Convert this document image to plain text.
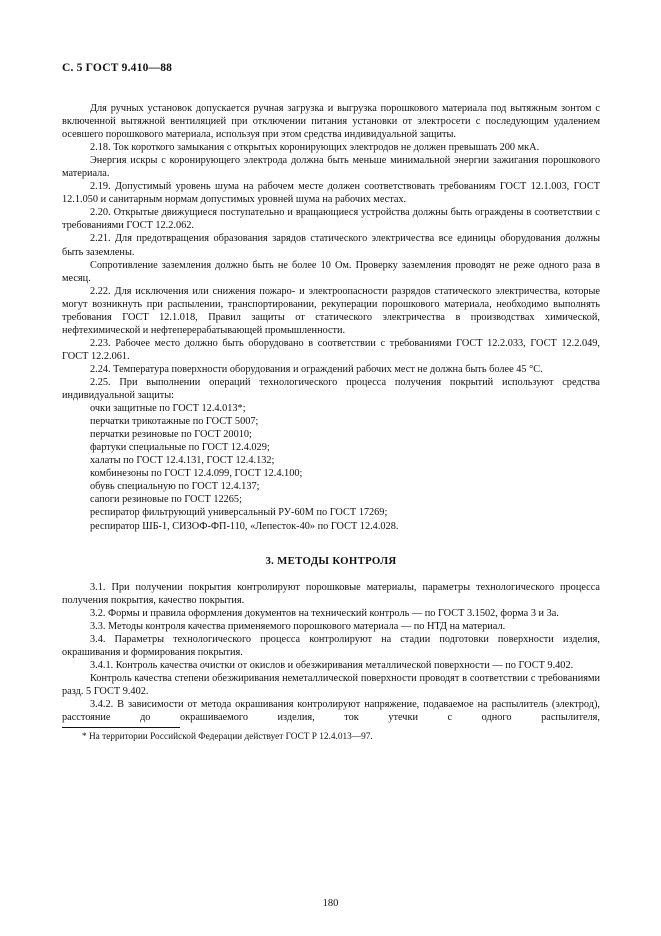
С. 5 ГОСТ 9.410—88

Для ручных установок допускается ручная загрузка и выгрузка порошкового материала под вытяжным зонтом с включенной вытяжной вентиляцией при отключении питания установки от электросети с последующим удалением осевшего порошкового материала, используя при этом средства индивидуальной защиты.

2.18. Ток короткого замыкания с открытых коронирующих электродов не должен превышать 200 мкА.

Энергия искры с коронирующего электрода должна быть меньше минимальной энергии зажигания порошкового материала.

2.19. Допустимый уровень шума на рабочем месте должен соответствовать требованиям ГОСТ 12.1.003, ГОСТ 12.1.050 и санитарным нормам допустимых уровней шума на рабочих местах.

2.20. Открытые движущиеся поступательно и вращающиеся устройства должны быть ограждены в соответствии с требованиями ГОСТ 12.2.062.

2.21. Для предотвращения образования зарядов статического электричества все единицы оборудования должны быть заземлены.

Сопротивление заземления должно быть не более 10 Ом. Проверку заземления проводят не реже одного раза в месяц.

2.22. Для исключения или снижения пожаро- и электроопасности разрядов статического электричества, которые могут возникнуть при распылении, транспортировании, рекуперации порошкового материала, необходимо выполнять требования ГОСТ 12.1.018, Правил защиты от статического электричества в производствах химической, нефтехимической и нефтеперерабатывающей промышленности.

2.23. Рабочее место должно быть оборудовано в соответствии с требованиями ГОСТ 12.2.033, ГОСТ 12.2.049, ГОСТ 12.2.061.

2.24. Температура поверхности оборудования и ограждений рабочих мест не должна быть более 45 °С.

2.25. При выполнении операций технологического процесса получения покрытий используют средства индивидуальной защиты:

очки защитные по ГОСТ 12.4.013*;

перчатки трикотажные по ГОСТ 5007;

перчатки резиновые по ГОСТ 20010;

фартуки специальные по ГОСТ 12.4.029;

халаты по ГОСТ 12.4.131, ГОСТ 12.4.132;

комбинезоны по ГОСТ 12.4.099, ГОСТ 12.4.100;

обувь специальную по ГОСТ 12.4.137;

сапоги резиновые по ГОСТ 12265;

респиратор фильтрующий универсальный РУ-60М по ГОСТ 17269;

респиратор ШБ-1, СИЗОФ-ФП-110, «Лепесток-40» по ГОСТ 12.4.028.

3. МЕТОДЫ КОНТРОЛЯ

3.1. При получении покрытия контролируют порошковые материалы, параметры технологического процесса получения покрытия, качество покрытия.

3.2. Формы и правила оформления документов на технический контроль — по ГОСТ 3.1502, форма 3 и 3а.

3.3. Методы контроля качества применяемого порошкового материала — по НТД на материал.

3.4. Параметры технологического процесса контролируют на стадии подготовки поверхности изделия, окрашивания и формирования покрытия.

3.4.1. Контроль качества очистки от окислов и обезжиривания металлической поверхности — по ГОСТ 9.402.

Контроль качества степени обезжиривания неметаллической поверхности проводят в соответствии с требованиями разд. 5 ГОСТ 9.402.

3.4.2. В зависимости от метода окрашивания контролируют напряжение, подаваемое на распылитель (электрод), расстояние до окрашиваемого изделия, ток утечки с одного распылителя,

* На территории Российской Федерации действует ГОСТ Р 12.4.013—97.
180
